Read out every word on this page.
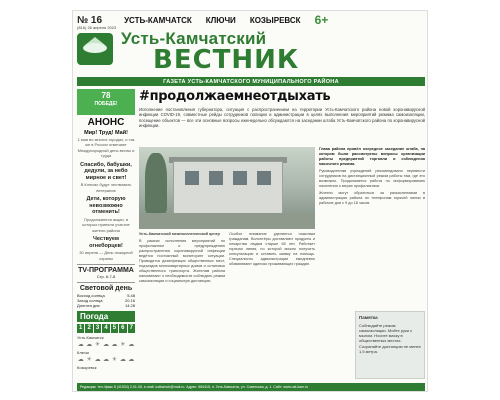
№ 16	УСТЬ-КАМЧАТСК КЛЮЧИ КОЗЫРЕВСК 6+
(816) 26 апреля 2023
Усть-Камчатский
ВЕСТНИК
ГАЗЕТА УСТЬ-КАМЧАТСКОГО МУНИЦИПАЛЬНОГО РАЙОНА
78
ПОБЕДЕ!
АНОНС
Мир! Труд! Май!
1 мая во многих городах, и так же в России отмечают Международный день весны и труда
Спасибо, бабушки, дедули, за небо мирное и свет!
В Ключах будут чествовать ветеранов
Дети, которую невозможно отменить!
Продолжаются акции, в которых приняли участие жители района
Чествуем огнеборцев!
30 апреля — День пожарной охраны
TV-ПРОГРАММА
Стр. 6-7-8
Световой день
Восход солнца	5.48
Заход солнца	20.16
Долгота дня	14.28
Погода
1 2 3 4 5 6 7
Усть-Камчатск
☁ ☁ ☀ ☁ ☁ ☀ ☁
Ключи
☁ ☀ ☁ ☁ ☀ ☁ ☁
Козыревск
#продолжаемнеотдыхать
Исполнение постановления губернатора, ситуация с распространением на территории Усть-Камчатского района новой коронавирусной инфекции COVID-19, совместные рейды сотрудников полиции и администрации в целях выполнения мероприятий режима самоизоляции, посещение объектов — все эти основные вопросы еженедельно обсуждаются на заседании штаба Усть-Камчатского района по коронавирусной инфекции.

Усть-Камчатский межпоселенческий центр

В рамках исполнения мероприятий по профилактике и предупреждению распространения коронавирусной инфекции ведётся постоянный мониторинг ситуации. Проводится дезинфекция общественных мест, подъездов многоквартирных домов и остановок общественного транспорта. Жителям района напоминают о необходимости соблюдать режим самоизоляции и социальную дистанцию.

Особое внимание уделяется пожилым гражданам. Волонтёры доставляют продукты и лекарства людям старше 65 лет. Работает горячая линия, по которой можно получить консультацию и оставить заявку на помощь. Специалисты администрации ежедневно обзванивают одиноко проживающих граждан.

Глава района провёл очередное заседание штаба, на котором были рассмотрены вопросы организации работы предприятий торговли и соблюдения масочного режима.

Руководителям учреждений рекомендовано перевести сотрудников на дистанционный режим работы там, где это возможно. Продолжается работа по информированию населения о мерах профилактики.

Жители могут обратиться за разъяснениями в администрацию района по телефонам горячей линии в рабочие дни с 9 до 18 часов.

Памятка
Соблюдайте режим самоизоляции. Мойте руки с мылом. Носите маску в общественных местах. Сохраняйте дистанцию не менее 1,5 метра.
Редакция: тел./факс 8 (41534) 2-01-05, e-mail: ustkamch@mail.ru. Адрес: 684415, п. Усть-Камчатск, ул. Советская, д. 1. Сайт: www.ust-kam.ru
